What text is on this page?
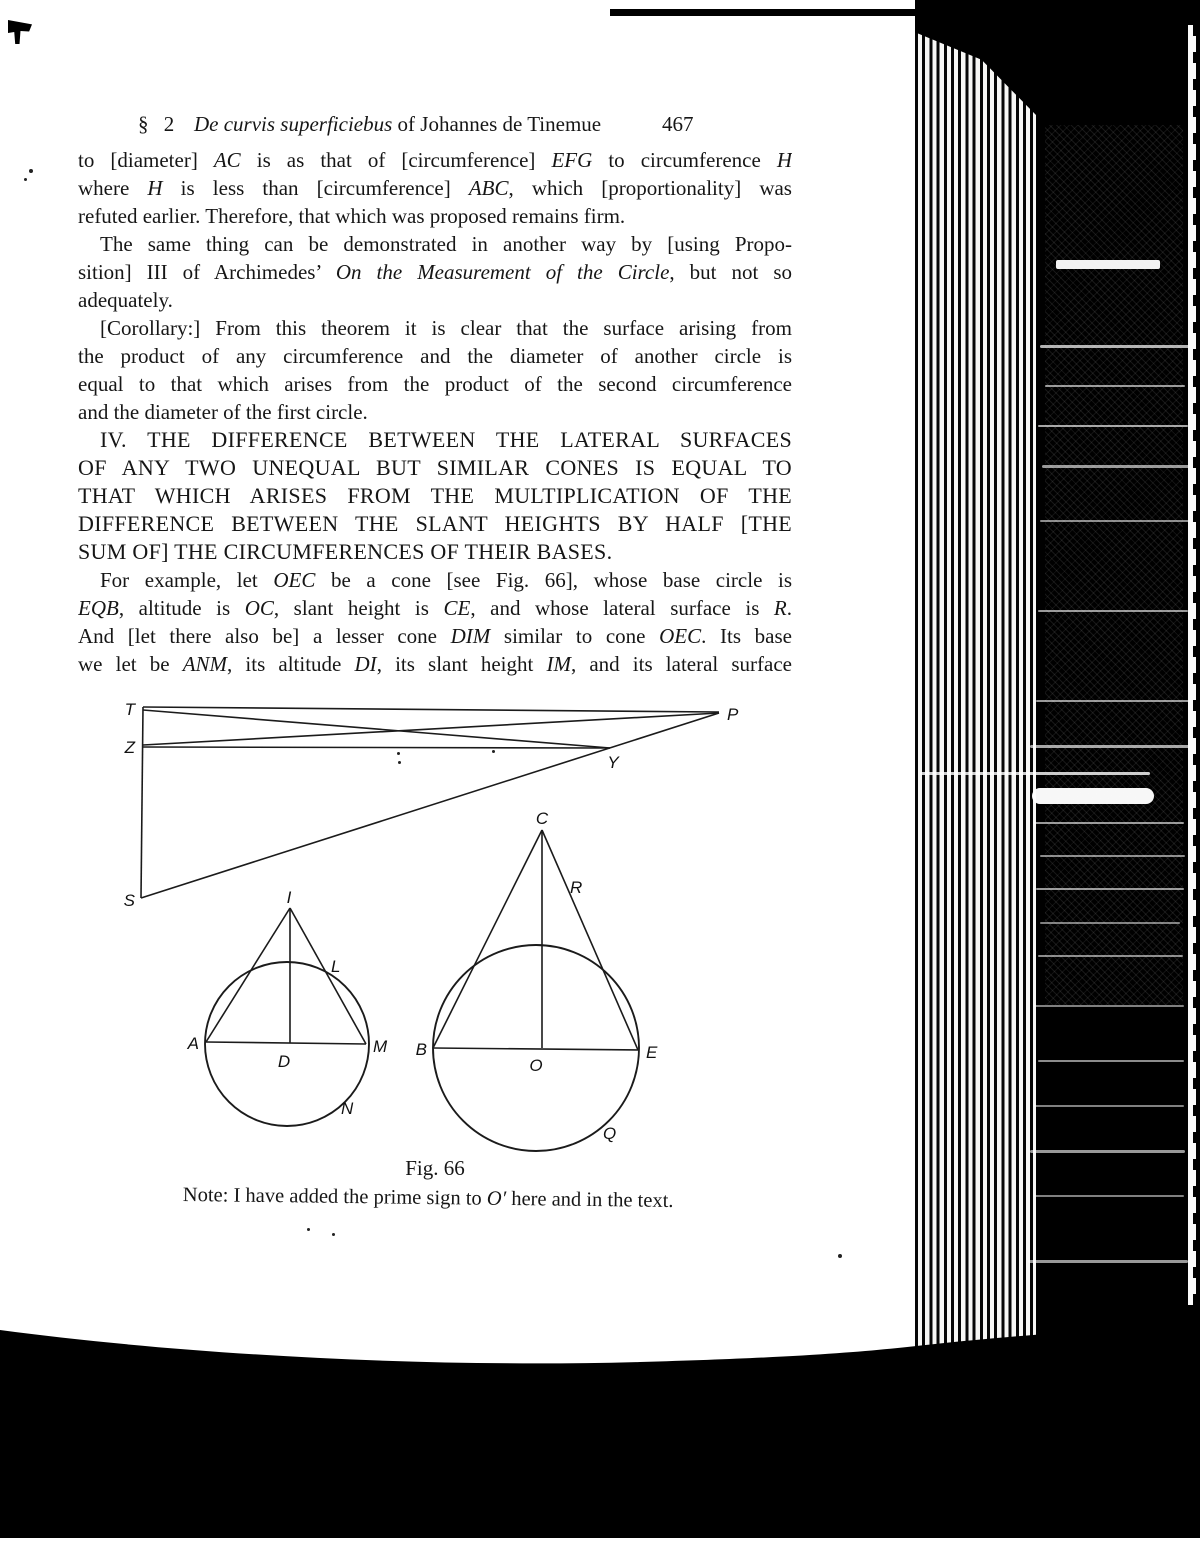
§ 2 De curvis superficiebus of Johannes de Tinemue	467
to [diameter] AC is as that of [circumference] EFG to circumference H
where H is less than [circumference] ABC, which [proportionality] was
refuted earlier. Therefore, that which was proposed remains firm.
The same thing can be demonstrated in another way by [using Propo-
sition] III of Archimedes’ On the Measurement of the Circle, but not so
adequately.
[Corollary:] From this theorem it is clear that the surface arising from
the product of any circumference and the diameter of another circle is
equal to that which arises from the product of the second circumference
and the diameter of the first circle.
IV. THE DIFFERENCE BETWEEN THE LATERAL SURFACES
OF ANY TWO UNEQUAL BUT SIMILAR CONES IS EQUAL TO
THAT WHICH ARISES FROM THE MULTIPLICATION OF THE
DIFFERENCE BETWEEN THE SLANT HEIGHTS BY HALF [THE
SUM OF] THE CIRCUMFERENCES OF THEIR BASES.
For example, let OEC be a cone [see Fig. 66], whose base circle is
EQB, altitude is OC, slant height is CE, and whose lateral surface is R.
And [let there also be] a lesser cone DIM similar to cone OEC. Its base
we let be ANM, its altitude DI, its slant height IM, and its lateral surface
T
Z
S
P
Y
I
L
A
D
M
N
C
R
B
O
E
Q
Fig. 66
Note: I have added the prime sign to O′ here and in the text.
